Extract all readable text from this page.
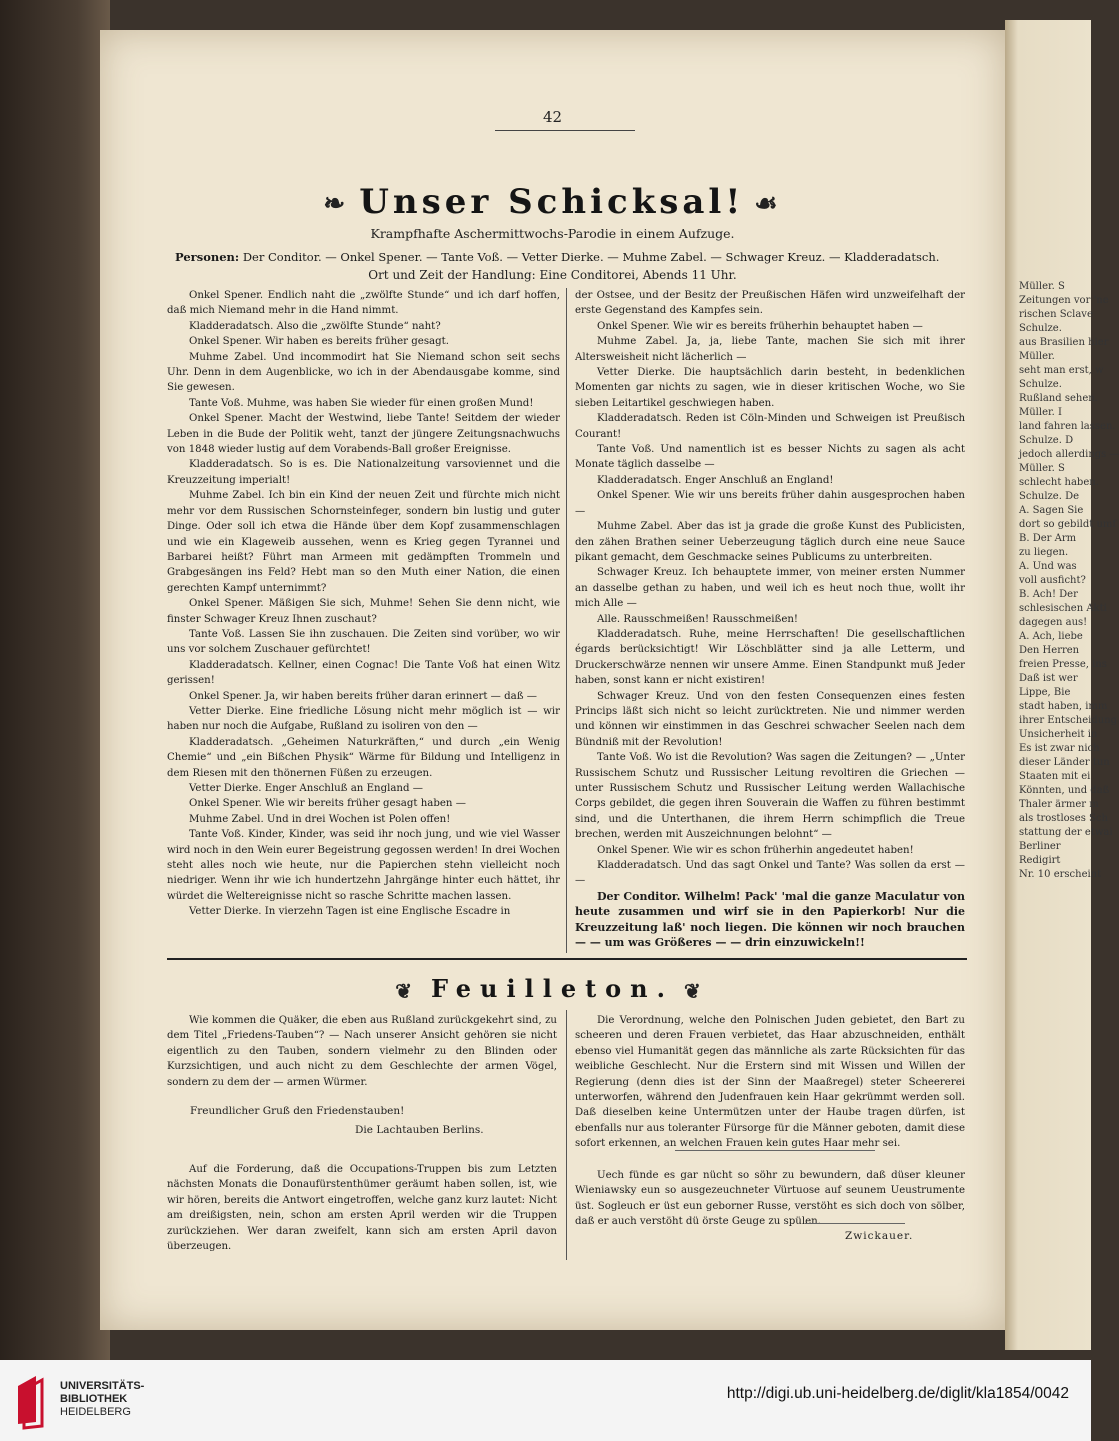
42
❧ Unser Schicksal! ☙
Krampfhafte Aschermittwochs-Parodie in einem Aufzuge.
Personen: Der Conditor. — Onkel Spener. — Tante Voß. — Vetter Dierke. — Muhme Zabel. — Schwager Kreuz. — Kladderadatsch.
Ort und Zeit der Handlung: Eine Conditorei, Abends 11 Uhr.

Onkel Spener. Endlich naht die „zwölfte Stunde“ und ich darf hoffen, daß mich Niemand mehr in die Hand nimmt.

Kladderadatsch. Also die „zwölfte Stunde“ naht?

Onkel Spener. Wir haben es bereits früher gesagt.

Muhme Zabel. Und incommodirt hat Sie Niemand schon seit sechs Uhr. Denn in dem Augenblicke, wo ich in der Abendausgabe komme, sind Sie gewesen.

Tante Voß. Muhme, was haben Sie wieder für einen großen Mund!

Onkel Spener. Macht der Westwind, liebe Tante! Seitdem der wieder Leben in die Bude der Politik weht, tanzt der jüngere Zeitungsnachwuchs von 1848 wieder lustig auf dem Vorabends-Ball großer Ereignisse.

Kladderadatsch. So is es. Die Nationalzeitung varsoviennet und die Kreuzzeitung imperialt!

Muhme Zabel. Ich bin ein Kind der neuen Zeit und fürchte mich nicht mehr vor dem Russischen Schornsteinfeger, sondern bin lustig und guter Dinge. Oder soll ich etwa die Hände über dem Kopf zusammenschlagen und wie ein Klageweib aussehen, wenn es Krieg gegen Tyrannei und Barbarei heißt? Führt man Armeen mit gedämpften Trommeln und Grabgesängen ins Feld? Hebt man so den Muth einer Nation, die einen gerechten Kampf unternimmt?

Onkel Spener. Mäßigen Sie sich, Muhme! Sehen Sie denn nicht, wie finster Schwager Kreuz Ihnen zuschaut?

Tante Voß. Lassen Sie ihn zuschauen. Die Zeiten sind vorüber, wo wir uns vor solchem Zuschauer gefürchtet!

Kladderadatsch. Kellner, einen Cognac! Die Tante Voß hat einen Witz gerissen!

Onkel Spener. Ja, wir haben bereits früher daran erinnert — daß —

Vetter Dierke. Eine friedliche Lösung nicht mehr möglich ist — wir haben nur noch die Aufgabe, Rußland zu isoliren von den —

Kladderadatsch. „Geheimen Naturkräften,“ und durch „ein Wenig Chemie“ und „ein Bißchen Physik“ Wärme für Bildung und Intelligenz in dem Riesen mit den thönernen Füßen zu erzeugen.

Vetter Dierke. Enger Anschluß an England —

Onkel Spener. Wie wir bereits früher gesagt haben —

Muhme Zabel. Und in drei Wochen ist Polen offen!

Tante Voß. Kinder, Kinder, was seid ihr noch jung, und wie viel Wasser wird noch in den Wein eurer Begeistrung gegossen werden! In drei Wochen steht alles noch wie heute, nur die Papierchen stehn vielleicht noch niedriger. Wenn ihr wie ich hundertzehn Jahrgänge hinter euch hättet, ihr würdet die Weltereignisse nicht so rasche Schritte machen lassen.

Vetter Dierke. In vierzehn Tagen ist eine Englische Escadre in

der Ostsee, und der Besitz der Preußischen Häfen wird unzweifelhaft der erste Gegenstand des Kampfes sein.

Onkel Spener. Wie wir es bereits früherhin behauptet haben —

Muhme Zabel. Ja, ja, liebe Tante, machen Sie sich mit ihrer Altersweisheit nicht lächerlich —

Vetter Dierke. Die hauptsächlich darin besteht, in bedenklichen Momenten gar nichts zu sagen, wie in dieser kritischen Woche, wo Sie sieben Leitartikel geschwiegen haben.

Kladderadatsch. Reden ist Cöln-Minden und Schweigen ist Preußisch Courant!

Tante Voß. Und namentlich ist es besser Nichts zu sagen als acht Monate täglich dasselbe —

Kladderadatsch. Enger Anschluß an England!

Onkel Spener. Wie wir uns bereits früher dahin ausgesprochen haben —

Muhme Zabel. Aber das ist ja grade die große Kunst des Publicisten, den zähen Brathen seiner Ueberzeugung täglich durch eine neue Sauce pikant gemacht, dem Geschmacke seines Publicums zu unterbreiten.

Schwager Kreuz. Ich behauptete immer, von meiner ersten Nummer an dasselbe gethan zu haben, und weil ich es heut noch thue, wollt ihr mich Alle —

Alle. Rausschmeißen! Rausschmeißen!

Kladderadatsch. Ruhe, meine Herrschaften! Die gesellschaftlichen égards berücksichtigt! Wir Löschblätter sind ja alle Letterm, und Druckerschwärze nennen wir unsere Amme. Einen Standpunkt muß Jeder haben, sonst kann er nicht existiren!

Schwager Kreuz. Und von den festen Consequenzen eines festen Princips läßt sich nicht so leicht zurücktreten. Nie und nimmer werden und können wir einstimmen in das Geschrei schwacher Seelen nach dem Bündniß mit der Revolution!

Tante Voß. Wo ist die Revolution? Was sagen die Zeitungen? — „Unter Russischem Schutz und Russischer Leitung revoltiren die Griechen — unter Russischem Schutz und Russischer Leitung werden Wallachische Corps gebildet, die gegen ihren Souverain die Waffen zu führen bestimmt sind, und die Unterthanen, die ihrem Herrn schimpflich die Treue brechen, werden mit Auszeichnungen belohnt“ —

Onkel Spener. Wie wir es schon früherhin angedeutet haben!

Kladderadatsch. Und das sagt Onkel und Tante? Was sollen da erst — —

Der Conditor. Wilhelm! Pack' 'mal die ganze Maculatur von heute zusammen und wirf sie in den Papierkorb! Nur die Kreuzzeitung laß' noch liegen. Die können wir noch brauchen — — um was Größeres — — drin einzuwickeln!!

❦ Feuilleton. ❦

Wie kommen die Quäker, die eben aus Rußland zurückgekehrt sind, zu dem Titel „Friedens-Tauben“? — Nach unserer Ansicht gehören sie nicht eigentlich zu den Tauben, sondern vielmehr zu den Blinden oder Kurzsichtigen, und auch nicht zu dem Geschlechte der armen Vögel, sondern zu dem der — armen Würmer.

Freundlicher Gruß den Friedenstauben!
Die Lachtauben Berlins.

Auf die Forderung, daß die Occupations-Truppen bis zum Letzten nächsten Monats die Donaufürstenthümer geräumt haben sollen, ist, wie wir hören, bereits die Antwort eingetroffen, welche ganz kurz lautet: Nicht am dreißigsten, nein, schon am ersten April werden wir die Truppen zurückziehen. Wer daran zweifelt, kann sich am ersten April davon überzeugen.

Die Verordnung, welche den Polnischen Juden gebietet, den Bart zu scheeren und deren Frauen verbietet, das Haar abzuschneiden, enthält ebenso viel Humanität gegen das männliche als zarte Rücksichten für das weibliche Geschlecht. Nur die Erstern sind mit Wissen und Willen der Regierung (denn dies ist der Sinn der Maaßregel) steter Scheererei unterworfen, während den Judenfrauen kein Haar gekrümmt werden soll. Daß dieselben keine Untermützen unter der Haube tragen dürfen, ist ebenfalls nur aus toleranter Fürsorge für die Männer geboten, damit diese sofort erkennen, an welchen Frauen kein gutes Haar mehr sei.

Uech fünde es gar nücht so söhr zu bewundern, daß düser kleuner Wieniawsky eun so ausgezeuchneter Vürtuose auf seunem Ueustrumente üst. Sogleuch er üst eun geborner Russe, verstöht es sich doch von sölber, daß er auch verstöht dü örste Geuge zu spülen.

Zwickauer.
Müller. S
Zeitungen vor 'ne
rischen Sclave
Schulze.
aus Brasilien hier
Müller.
seht man erst, w
Schulze.
Rußland sehen.
Müller. I
land fahren lassen.
Schulze. D
jedoch allerdings —
Müller. S
schlecht haben.
Schulze. De
A. Sagen Sie
dort so gebildt umf
B. Der Arm
zu liegen.
A. Und was
voll ausficht?
B. Ach! Der
schlesischen Akti
dagegen aus!
A. Ach, liebe
Den Herren
freien Presse, ins
Daß ist wer
Lippe, Bie
stadt haben, imm
ihrer Entscheidung
Unsicherheit in
Es ist zwar nich
dieser Länder tun
Staaten mit ei
Könnten, und daß
Thaler ärmer m
als trostloses Sch
stattung der etwai
Berliner
Redigirt
Nr. 10 erscheint
UNIVERSITÄTS-
BIBLIOTHEK
HEIDELBERG
http://digi.ub.uni-heidelberg.de/diglit/kla1854/0042
